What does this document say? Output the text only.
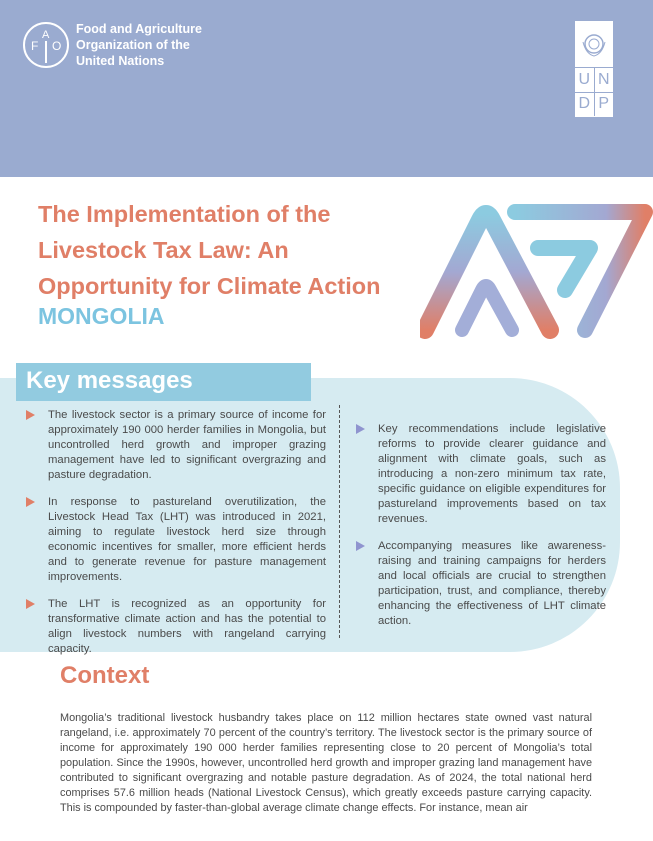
F
A
O
Food and Agriculture
Organization of the
United Nations
U N
D P
The Implementation of the Livestock Tax Law: An Opportunity for Climate Action
MONGOLIA
Key messages
The livestock sector is a primary source of income for approximately 190 000 herder families in Mongolia, but uncontrolled herd growth and improper grazing management have led to significant overgrazing and pasture degradation.
In response to pastureland overutilization, the Livestock Head Tax (LHT) was introduced in 2021, aiming to regulate livestock herd size through economic incentives for smaller, more efficient herds and to generate revenue for pasture management improvements.
The LHT is recognized as an opportunity for transformative climate action and has the potential to align livestock numbers with rangeland carrying capacity.
Key recommendations include legislative reforms to provide clearer guidance and alignment with climate goals, such as introducing a non-zero minimum tax rate, specific guidance on eligible expenditures for pastureland improvements based on tax revenues.
Accompanying measures like awareness-raising and training campaigns for herders and local officials are crucial to strengthen participation, trust, and compliance, thereby enhancing the effectiveness of LHT climate action.
Context

Mongolia’s traditional livestock husbandry takes place on 112 million hectares state owned vast natural rangeland, i.e. approximately 70 percent of the country’s territory. The livestock sector is the primary source of income for approximately 190 000 herder families representing close to 20 percent of Mongolia’s total population. Since the 1990s, however, uncontrolled herd growth and improper grazing land management have contributed to significant overgrazing and notable pasture degradation. As of 2024, the total national herd comprises 57.6 million heads (National Livestock Census), which greatly exceeds pasture carrying capacity. This is compounded by faster-than-global average climate change effects. For instance, mean air
